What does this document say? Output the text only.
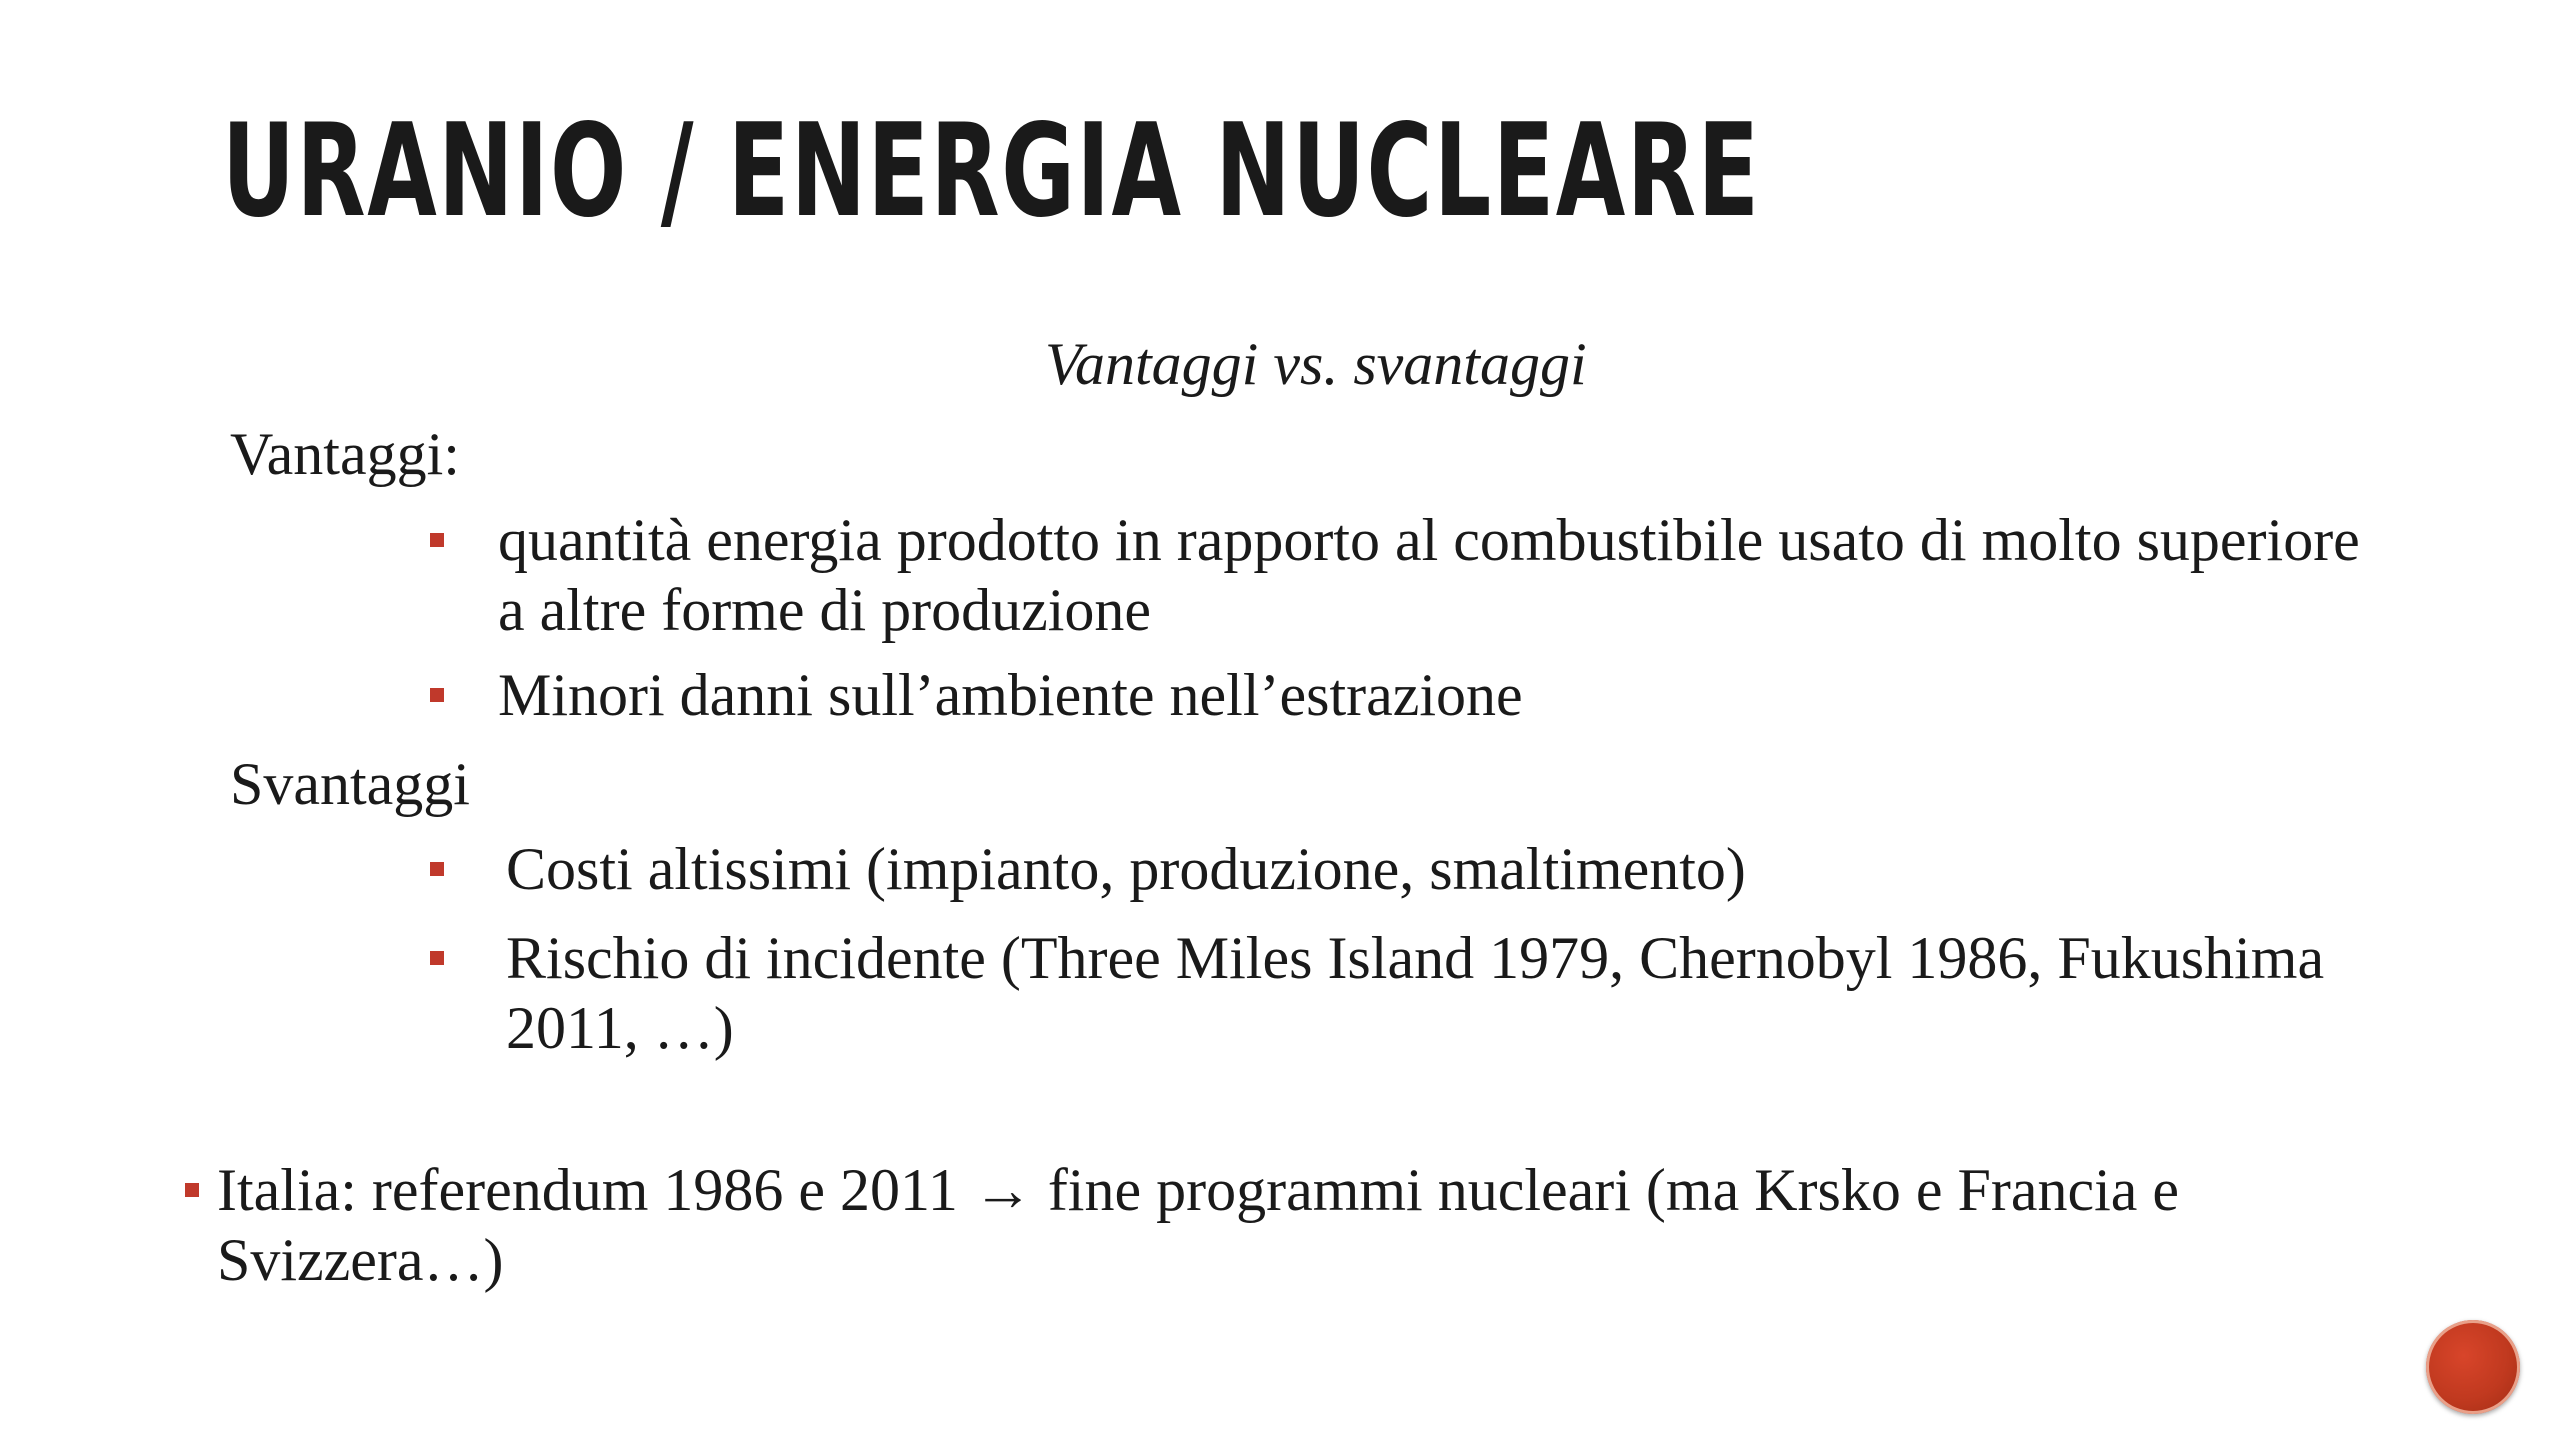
URANIO / ENERGIA NUCLEARE
Vantaggi vs. svantaggi
Vantaggi:
quantità energia prodotto in rapporto al combustibile usato di molto superiore a altre forme di produzione
Minori danni sull’ambiente nell’estrazione
Svantaggi
Costi altissimi (impianto, produzione, smaltimento)
Rischio di incidente (Three Miles Island 1979, Chernobyl 1986, Fukushima 2011, …)
Italia: referendum 1986 e 2011 → fine programmi nucleari (ma Krsko e Francia e Svizzera…)
